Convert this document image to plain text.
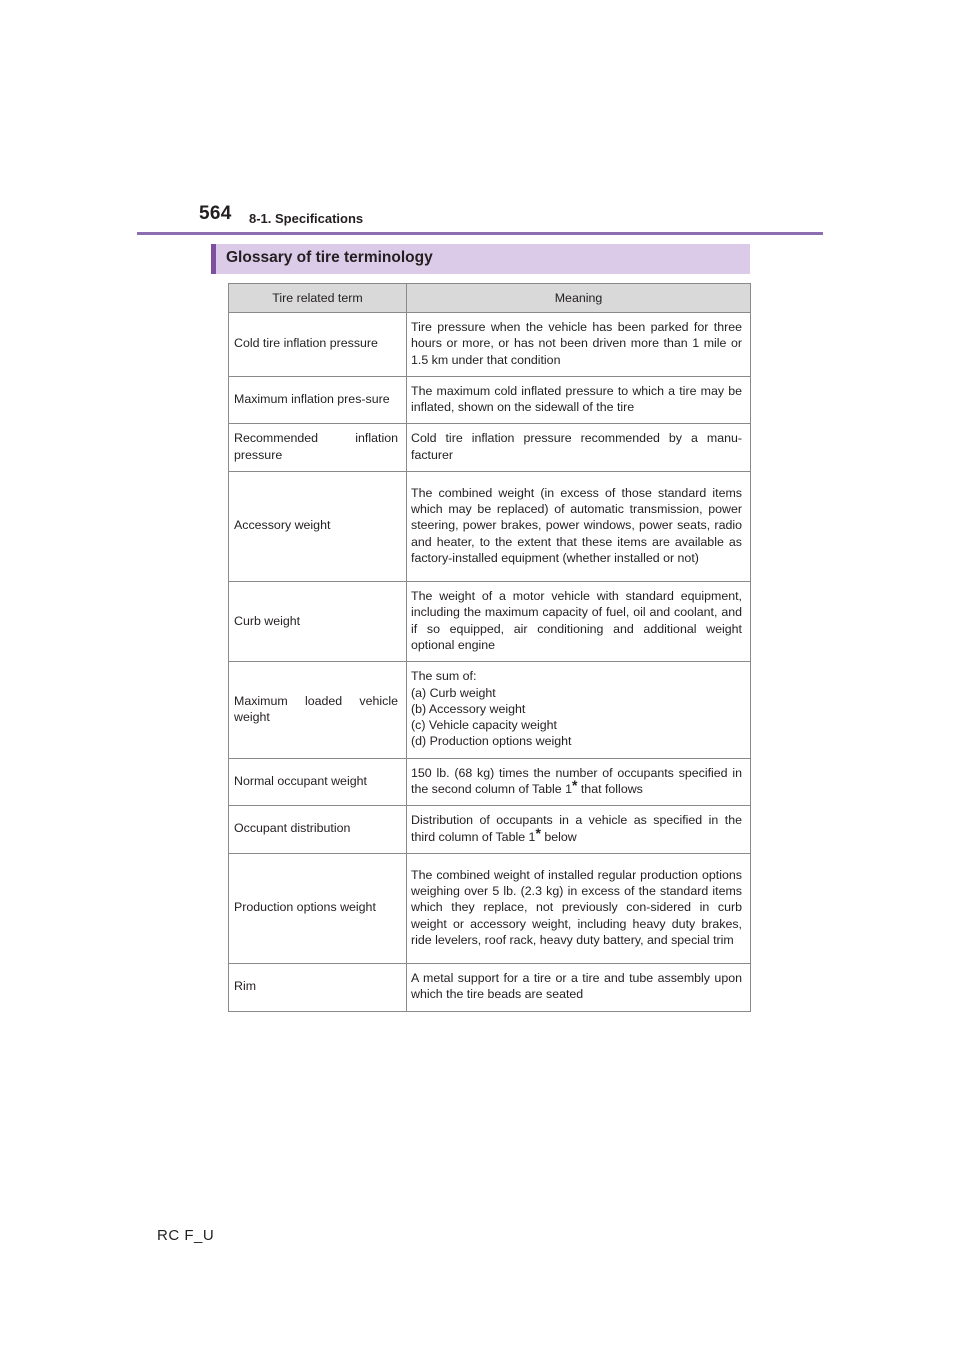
564 8-1. Specifications
Glossary of tire terminology
Tire related term	Meaning
Cold tire inflation pressure	Tire pressure when the vehicle has been parked for three hours or more, or has not been driven more than 1 mile or 1.5 km under that condition
Maximum inflation pres-sure	The maximum cold inflated pressure to which a tire may be inflated, shown on the sidewall of the tire
Recommended inflation pressure	Cold tire inflation pressure recommended by a manu-facturer
Accessory weight	The combined weight (in excess of those standard items which may be replaced) of automatic transmission, power steering, power brakes, power windows, power seats, radio and heater, to the extent that these items are available as factory-installed equipment (whether installed or not)
Curb weight	The weight of a motor vehicle with standard equipment, including the maximum capacity of fuel, oil and coolant, and if so equipped, air conditioning and additional weight optional engine
Maximum loaded vehicle weight	The sum of:
(a) Curb weight
(b) Accessory weight
(c) Vehicle capacity weight
(d) Production options weight

Normal occupant weight	150 lb. (68 kg) times the number of occupants specified in the second column of Table 1* that follows
Occupant distribution	Distribution of occupants in a vehicle as specified in the third column of Table 1* below
Production options weight	The combined weight of installed regular production options weighing over 5 lb. (2.3 kg) in excess of the standard items which they replace, not previously con-sidered in curb weight or accessory weight, including heavy duty brakes, ride levelers, roof rack, heavy duty battery, and special trim
Rim	A metal support for a tire or a tire and tube assembly upon which the tire beads are seated
RC F_U
